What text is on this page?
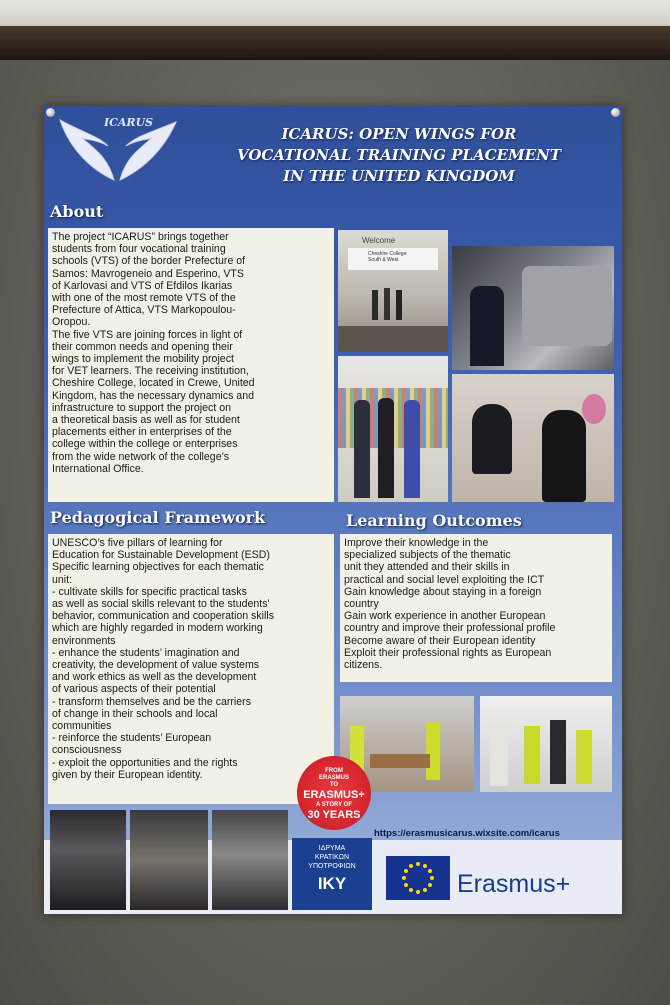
ICARUS
ICARUS: OPEN WINGS FOR
VOCATIONAL TRAINING PLACEMENT
IN THE UNITED KINGDOM
About
The project “ICARUS” brings together
students from four vocational training
schools (VTS) of the border Prefecture of
Samos: Mavrogeneio and Esperino, VTS
of Karlovasi and VTS of Efdilos Ikarias
with one of the most remote VTS of the
Prefecture of Attica, VTS Markopoulou-
Oropou.
The five VTS are joining forces in light of
their common needs and opening their
wings to implement the mobility project
for VET learners. The receiving institution,
Cheshire College, located in Crewe, United
Kingdom, has the necessary dynamics and
infrastructure to support the project on
a theoretical basis as well as for student
placements either in enterprises of the
college within the college or enterprises
from the wide network of the college’s
International Office.
Welcome
Cheshire College
South & West
Pedagogical Framework
UNESCO’s five pillars of learning for
Education for Sustainable Development (ESD)
Specific learning objectives for each thematic
unit:
- cultivate skills for specific practical tasks
as well as social skills relevant to the students'
behavior, communication and cooperation skills
which are highly regarded in modern working
environments
- enhance the students’ imagination and
creativity, the development of value systems
and work ethics as well as the development
of various aspects of their potential
- transform themselves and be the carriers
of change in their schools and local
communities
- reinforce the students’ European
consciousness
- exploit the opportunities and the rights
given by their European identity.
Learning Outcomes
Improve their knowledge in the
specialized subjects of the thematic
unit they attended and their skills in
practical and social level exploiting the ICT
Gain knowledge about staying in a foreign
country
Gain work experience in another European
country and improve their professional profile
Become aware of their European identity
Exploit their professional rights as European
citizens.
FROM
ERASMUS
TO
ERASMUS+
A STORY OF
30 YEARS
https://erasmusicarus.wixsite.com/icarus
ΙΔΡΥΜΑ
ΚΡΑΤΙΚΩΝ
ΥΠΟΤΡΟΦΙΩΝ
IKY	Erasmus+
